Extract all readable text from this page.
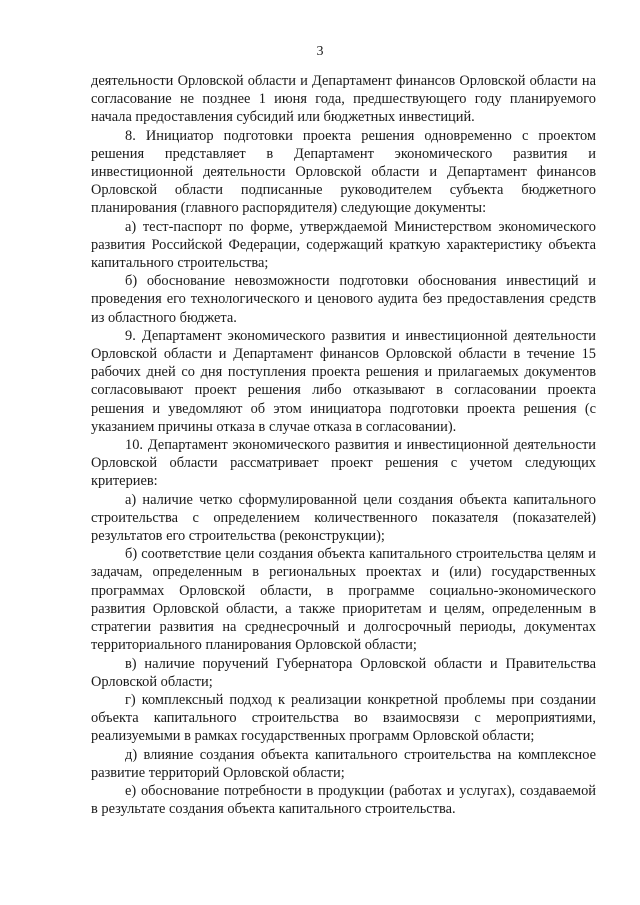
3

деятельности Орловской области и Департамент финансов Орловской области на согласование не позднее 1 июня года, предшествующего году планируемого начала предоставления субсидий или бюджетных инвестиций.

8. Инициатор подготовки проекта решения одновременно с проектом решения представляет в Департамент экономического развития и инвестиционной деятельности Орловской области и Департамент финансов Орловской области подписанные руководителем субъекта бюджетного планирования (главного распорядителя) следующие документы:

а) тест-паспорт по форме, утверждаемой Министерством экономического развития Российской Федерации, содержащий краткую характеристику объекта капитального строительства;

б) обоснование невозможности подготовки обоснования инвестиций и проведения его технологического и ценового аудита без предоставления средств из областного бюджета.

9. Департамент экономического развития и инвестиционной деятельности Орловской области и Департамент финансов Орловской области в течение 15 рабочих дней со дня поступления проекта решения и прилагаемых документов согласовывают проект решения либо отказывают в согласовании проекта решения и уведомляют об этом инициатора подготовки проекта решения (с указанием причины отказа в случае отказа в согласовании).

10. Департамент экономического развития и инвестиционной деятельности Орловской области рассматривает проект решения с учетом следующих критериев:

а) наличие четко сформулированной цели создания объекта капитального строительства с определением количественного показателя (показателей) результатов его строительства (реконструкции);

б) соответствие цели создания объекта капитального строительства целям и задачам, определенным в региональных проектах и (или) государственных программах Орловской области, в программе социально-экономического развития Орловской области, а также приоритетам и целям, определенным в стратегии развития на среднесрочный и долгосрочный периоды, документах территориального планирования Орловской области;

в) наличие поручений Губернатора Орловской области и Правительства Орловской области;

г) комплексный подход к реализации конкретной проблемы при создании объекта капитального строительства во взаимосвязи с мероприятиями, реализуемыми в рамках государственных программ Орловской области;

д) влияние создания объекта капитального строительства на комплексное развитие территорий Орловской области;

е) обоснование потребности в продукции (работах и услугах), создаваемой в результате создания объекта капитального строительства.
